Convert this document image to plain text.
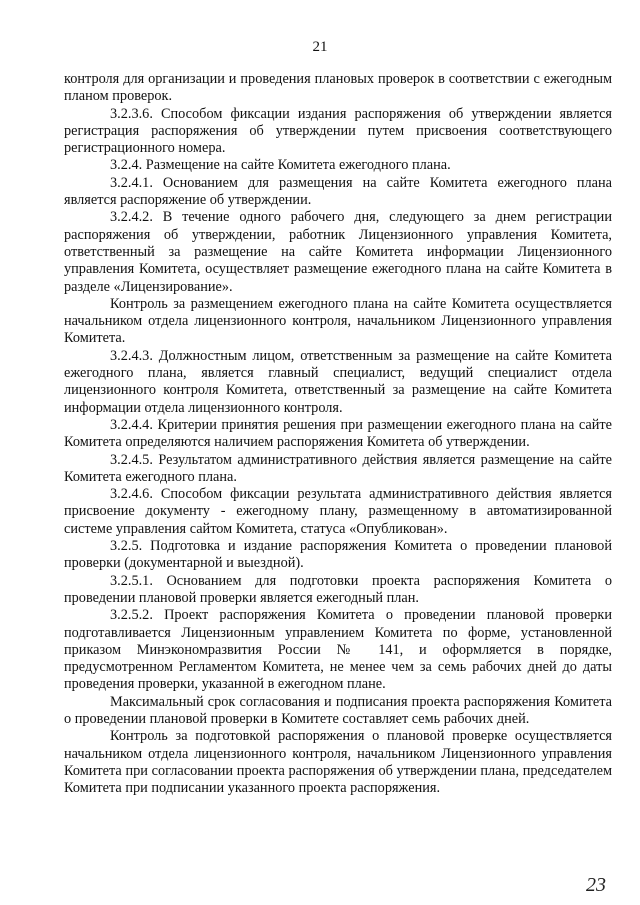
21

контроля для организации и проведения плановых проверок в соответствии с ежегодным планом проверок.

3.2.3.6. Способом фиксации издания распоряжения об утверждении является регистрация распоряжения об утверждении путем присвоения соответствующего регистрационного номера.

3.2.4. Размещение на сайте Комитета ежегодного плана.

3.2.4.1. Основанием для размещения на сайте Комитета ежегодного плана является распоряжение об утверждении.

3.2.4.2. В течение одного рабочего дня, следующего за днем регистрации распоряжения об утверждении, работник Лицензионного управления Комитета, ответственный за размещение на сайте Комитета информации Лицензионного управления Комитета, осуществляет размещение ежегодного плана на сайте Комитета в разделе «Лицензирование».

Контроль за размещением ежегодного плана на сайте Комитета осуществляется начальником отдела лицензионного контроля, начальником Лицензионного управления Комитета.

3.2.4.3. Должностным лицом, ответственным за размещение на сайте Комитета ежегодного плана, является главный специалист, ведущий специалист отдела лицензионного контроля Комитета, ответственный за размещение на сайте Комитета информации отдела лицензионного контроля.

3.2.4.4. Критерии принятия решения при размещении ежегодного плана на сайте Комитета определяются наличием распоряжения Комитета об утверждении.

3.2.4.5. Результатом административного действия является размещение на сайте Комитета ежегодного плана.

3.2.4.6. Способом фиксации результата административного действия является присвоение документу - ежегодному плану, размещенному в автоматизированной системе управления сайтом Комитета, статуса «Опубликован».

3.2.5. Подготовка и издание распоряжения Комитета о проведении плановой проверки (документарной и выездной).

3.2.5.1. Основанием для подготовки проекта распоряжения Комитета о проведении плановой проверки является ежегодный план.

3.2.5.2. Проект распоряжения Комитета о проведении плановой проверки подготавливается Лицензионным управлением Комитета по форме, установленной приказом Минэкономразвития России № 141, и оформляется в порядке, предусмотренном Регламентом Комитета, не менее чем за семь рабочих дней до даты проведения проверки, указанной в ежегодном плане.

Максимальный срок согласования и подписания проекта распоряжения Комитета о проведении плановой проверки в Комитете составляет семь рабочих дней.

Контроль за подготовкой распоряжения о плановой проверке осуществляется начальником отдела лицензионного контроля, начальником Лицензионного управления Комитета при согласовании проекта распоряжения об утверждении плана, председателем Комитета при подписании указанного проекта распоряжения.

23
